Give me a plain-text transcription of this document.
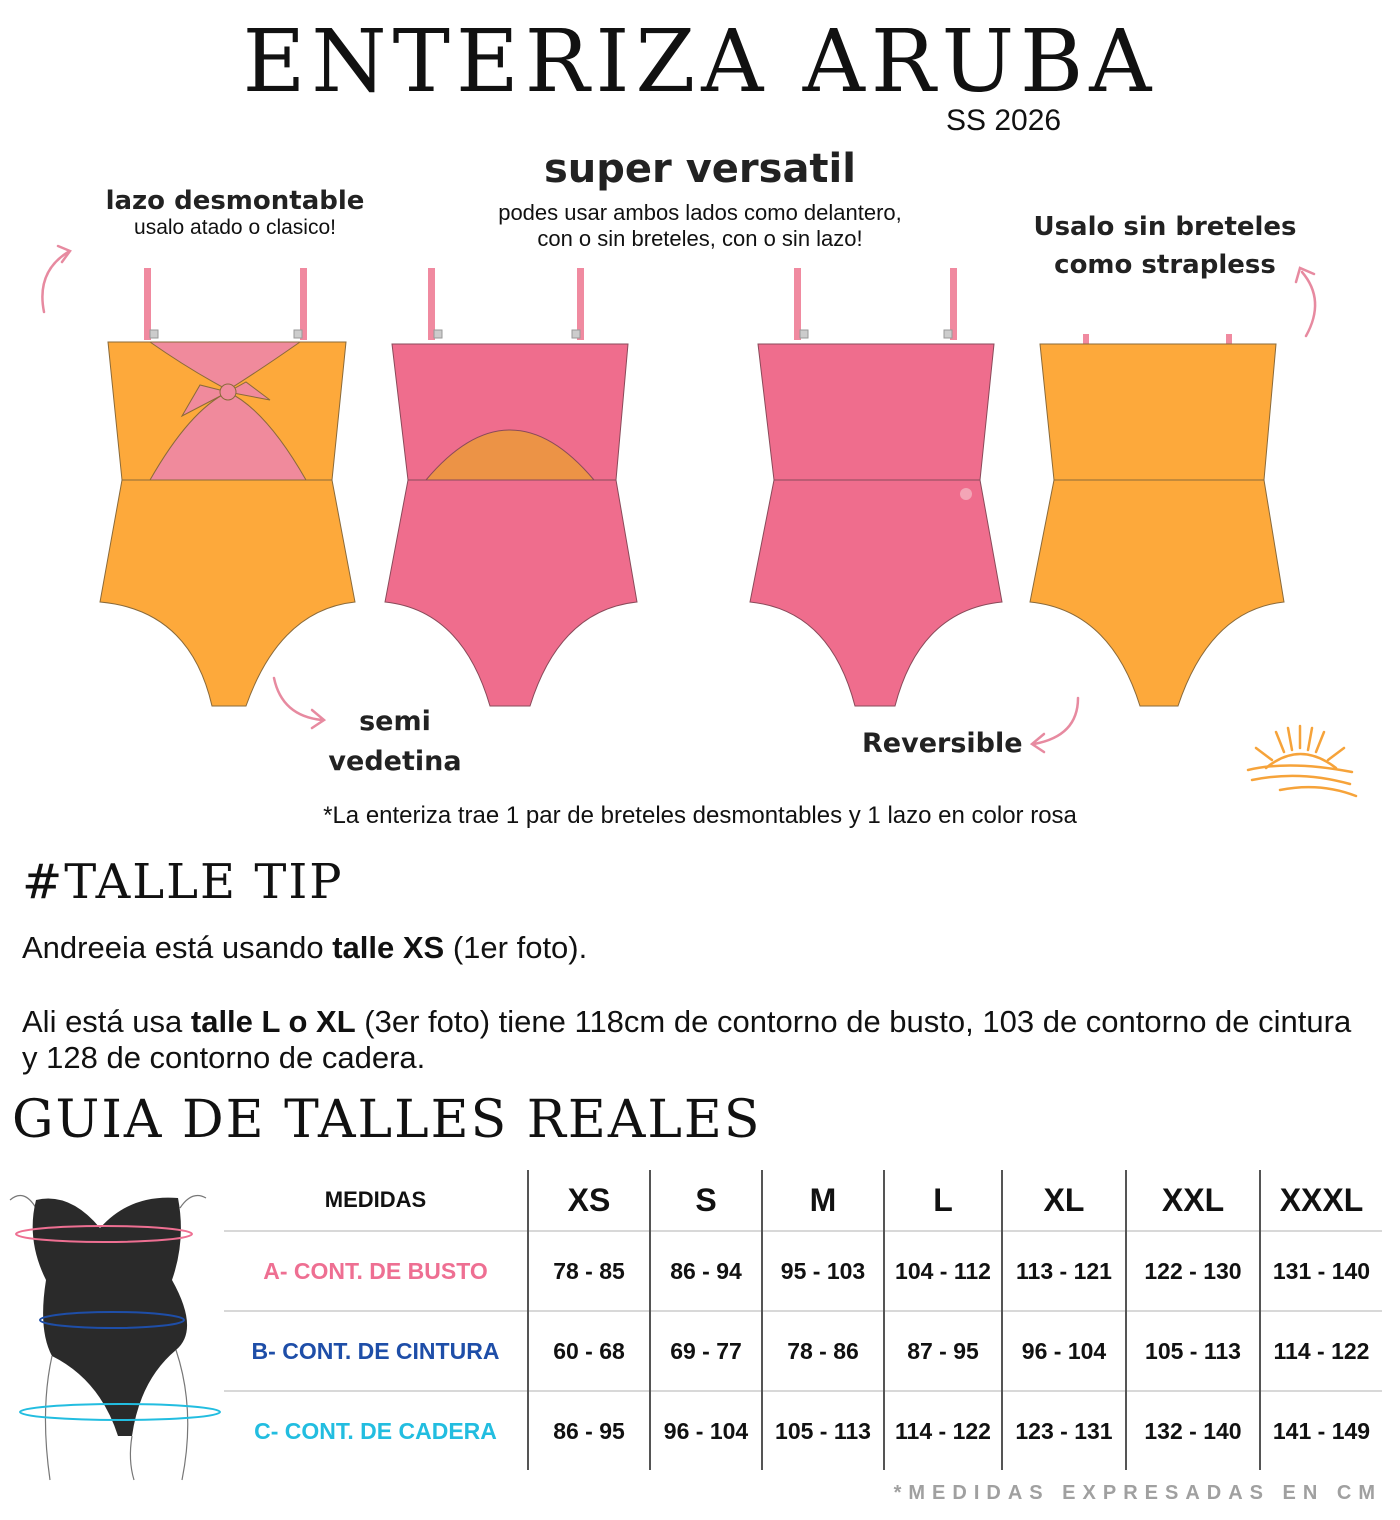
ENTERIZA ARUBA
SS 2026
super versatil
podes usar ambos lados como delantero,
con o sin breteles, con o sin lazo!
lazo desmontable
usalo atado o clasico!	Usalo sin breteles
como strapless
semi
vedetina
Reversible
*La enteriza trae 1 par de breteles desmontables y 1 lazo en color rosa
#TALLE TIP
Andreeia está usando talle XS (1er foto).
Ali está usa talle L o XL (3er foto) tiene 118cm de contorno de busto, 103 de contorno de cintura y 128 de contorno de cadera.
GUIA DE TALLES REALES
MEDIDAS	XS	S	M	L	XL	XXL	XXXL
A- CONT. DE BUSTO	78 - 85	86 - 94	95 - 103	104 - 112	113 - 121	122 - 130	131 - 140
B- CONT. DE CINTURA	60 - 68	69 - 77	78 - 86	87 - 95	96 - 104	105 - 113	114 - 122
C- CONT. DE CADERA	86 - 95	96 - 104	105 - 113	114 - 122	123 - 131	132 - 140	141 - 149
*MEDIDAS EXPRESADAS EN CM
